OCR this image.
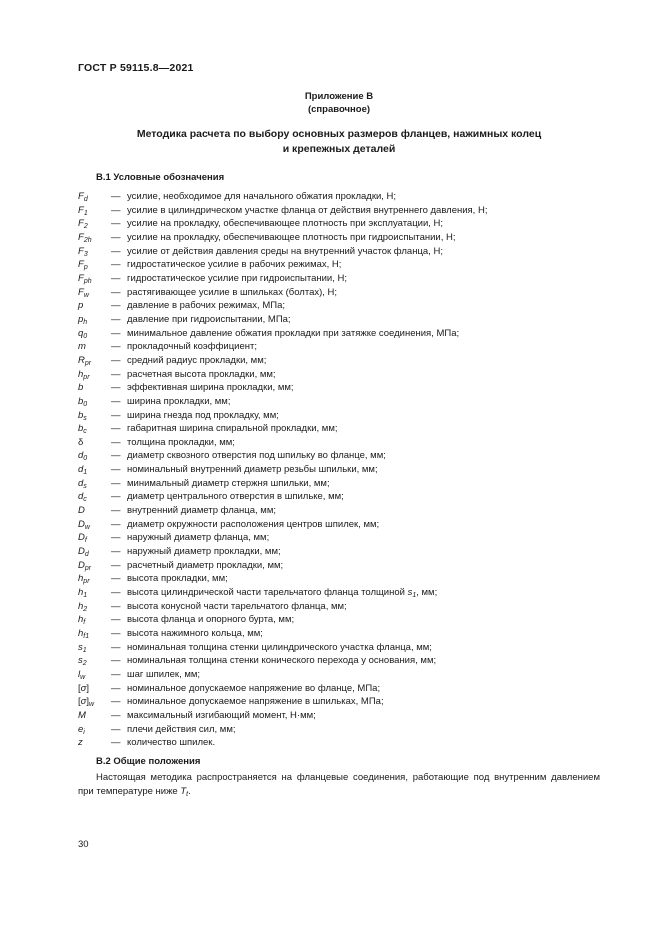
ГОСТ Р 59115.8—2021
Приложение В
(справочное)
Методика расчета по выбору основных размеров фланцев, нажимных колец
и крепежных деталей
В.1 Условные обозначения
$F_d$	— усилие, необходимое для начального обжатия прокладки, Н;
$F_1$	— усилие в цилиндрическом участке фланца от действия внутреннего давления, Н;
$F_2$	— усилие на прокладку, обеспечивающее плотность при эксплуатации, Н;
$F_{2h}$	— усилие на прокладку, обеспечивающее плотность при гидроиспытании, Н;
$F_3$	— усилие от действия давления среды на внутренний участок фланца, Н;
$F_p$	— гидростатическое усилие в рабочих режимах, Н;
$F_{ph}$	— гидростатическое усилие при гидроиспытании, Н;
$F_w$	— растягивающее усилие в шпильках (болтах), Н;
p	— давление в рабочих режимах, МПа;
$p_h$	— давление при гидроиспытании, МПа;
$q_0$	— минимальное давление обжатия прокладки при затяжке соединения, МПа;
m	— прокладочный коэффициент;
$R_{pr}$	— средний радиус прокладки, мм;
$h_{pr}$	— расчетная высота прокладки, мм;
b	— эффективная ширина прокладки, мм;
$b_0$	— ширина прокладки, мм;
$b_s$	— ширина гнезда под прокладку, мм;
$b_c$	— габаритная ширина спиральной прокладки, мм;
δ	— толщина прокладки, мм;
$d_0$	— диаметр сквозного отверстия под шпильку во фланце, мм;
$d_1$	— номинальный внутренний диаметр резьбы шпильки, мм;
$d_s$	— минимальный диаметр стержня шпильки, мм;
$d_c$	— диаметр центрального отверстия в шпильке, мм;
D	— внутренний диаметр фланца, мм;
$D_w$	— диаметр окружности расположения центров шпилек, мм;
$D_f$	— наружный диаметр фланца, мм;
$D_d$	— наружный диаметр прокладки, мм;
$D_{pr}$	— расчетный диаметр прокладки, мм;
$h_{pr}$	— высота прокладки, мм;
$h_1$	— высота цилиндрической части тарельчатого фланца толщиной $s_1$, мм;
$h_2$	— высота конусной части тарельчатого фланца, мм;
$h_f$	— высота фланца и опорного бурта, мм;
$h_{f1}$	— высота нажимного кольца, мм;
$s_1$	— номинальная толщина стенки цилиндрического участка фланца, мм;
$s_2$	— номинальная толщина стенки конического перехода у основания, мм;
$l_w$	— шаг шпилек, мм;
[σ]	— номинальное допускаемое напряжение во фланце, МПа;
$[\sigma]_w$	— номинальное допускаемое напряжение в шпильках, МПа;
M	— максимальный изгибающий момент, Н·мм;
$e_i$	— плечи действия сил, мм;
z	— количество шпилек.
В.2 Общие положения
Настоящая методика распространяется на фланцевые соединения, работающие под внутренним давлением
при температуре ниже $T_t$.
30
